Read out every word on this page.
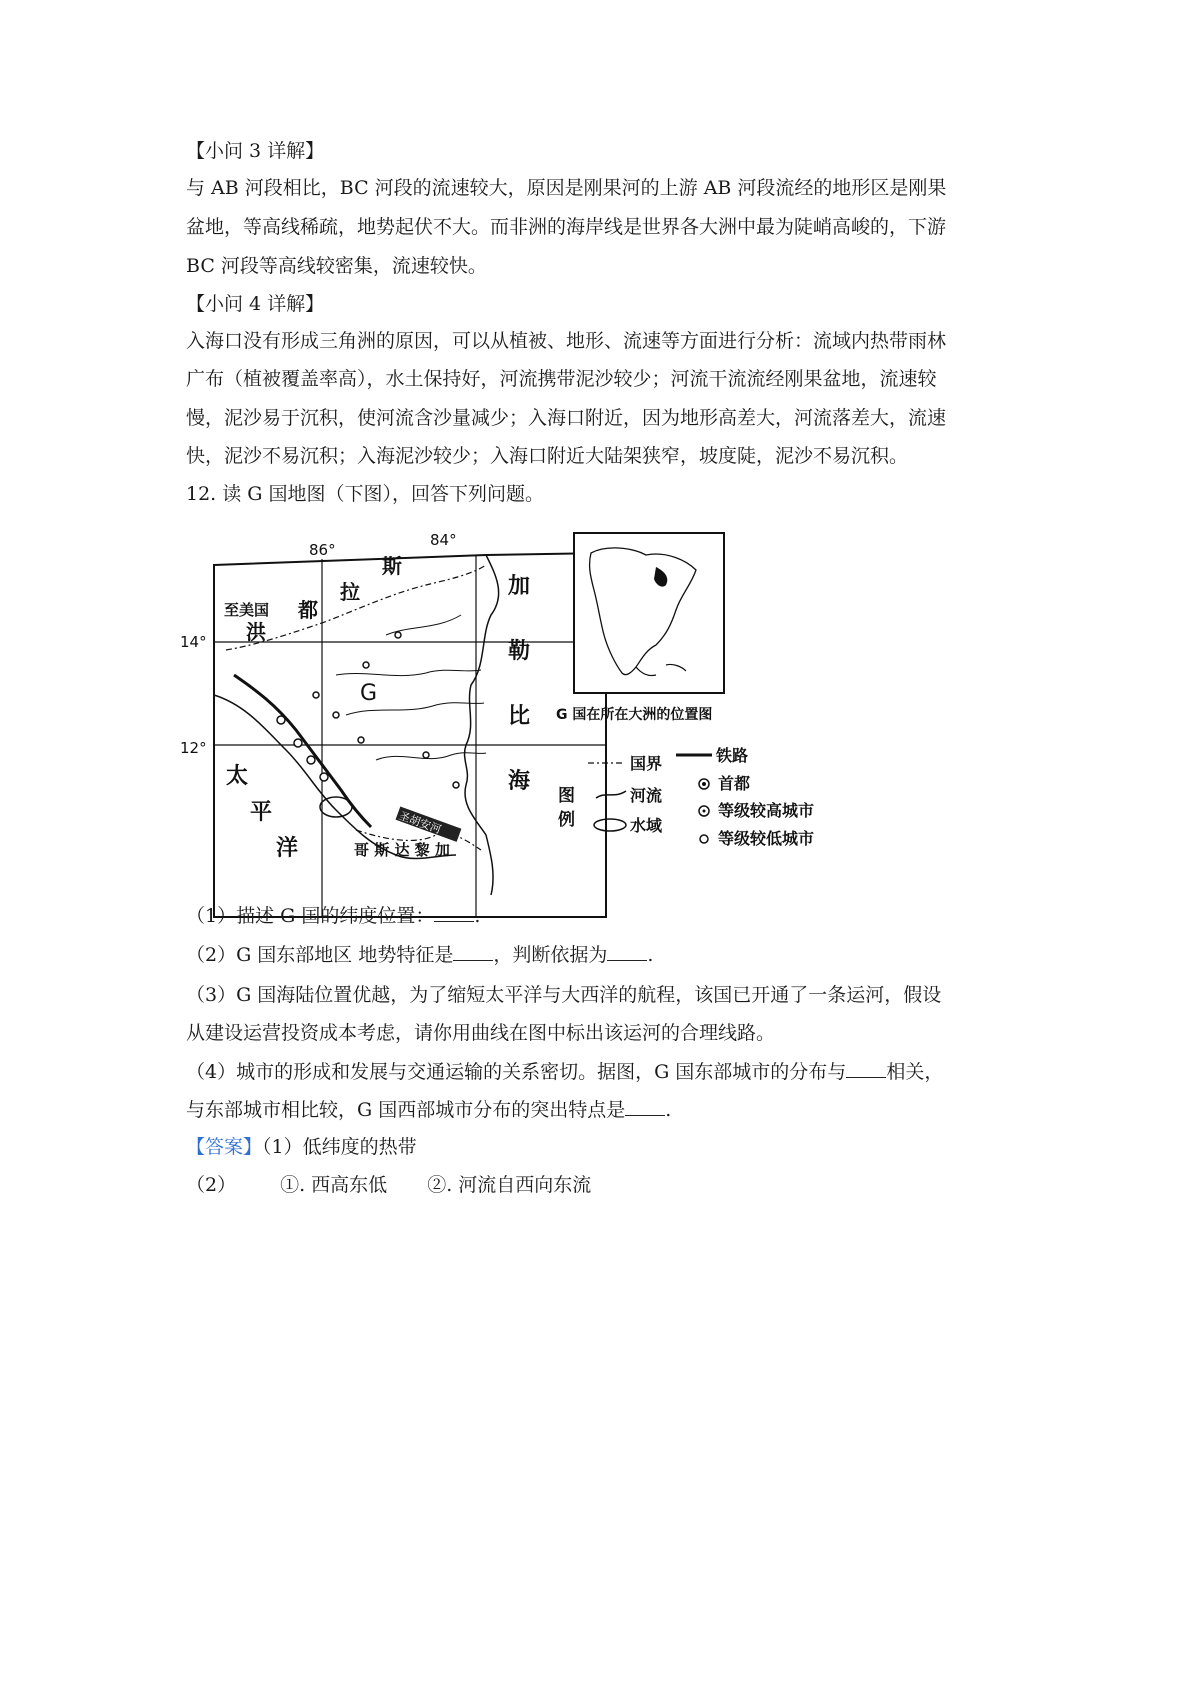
【小问 3 详解】
与 AB 河段相比，BC 河段的流速较大，原因是刚果河的上游 AB 河段流经的地形区是刚果
盆地，等高线稀疏，地势起伏不大。而非洲的海岸线是世界各大洲中最为陡峭高峻的，下游
BC 河段等高线较密集，流速较快。
【小问 4 详解】
入海口没有形成三角洲的原因，可以从植被、地形、流速等方面进行分析：流域内热带雨林
广布（植被覆盖率高），水土保持好，河流携带泥沙较少；河流干流流经刚果盆地，流速较
慢，泥沙易于沉积，使河流含沙量减少；入海口附近，因为地形高差大，河流落差大，流速
快，泥沙不易沉积；入海泥沙较少；入海口附近大陆架狭窄，坡度陡，泥沙不易沉积。
12. 读 G 国地图（下图），回答下列问题。
圣胡安河
86°
84°
14°
12°
至美国
洪
都
拉
斯
加
勒
比
海
太
平
洋	哥 斯 达 黎 加
G
G 国在所在大洲的位置图
图
例
国界	铁路
河流
首都
水域
等级较高城市
等级较低城市
（1）描述 G 国的纬度位置： .
（2）G 国东部地区 地势特征是 ，判断依据为 .
（3）G 国海陆位置优越，为了缩短太平洋与大西洋的航程，该国已开通了一条运河，假设
从建设运营投资成本考虑，请你用曲线在图中标出该运河的合理线路。
（4）城市的形成和发展与交通运输的关系密切。据图，G 国东部城市的分布与 相关，
与东部城市相比较，G 国西部城市分布的突出特点是 .
【答案】（1）低纬度的热带
（2） ①. 西高东低 ②. 河流自西向东流
